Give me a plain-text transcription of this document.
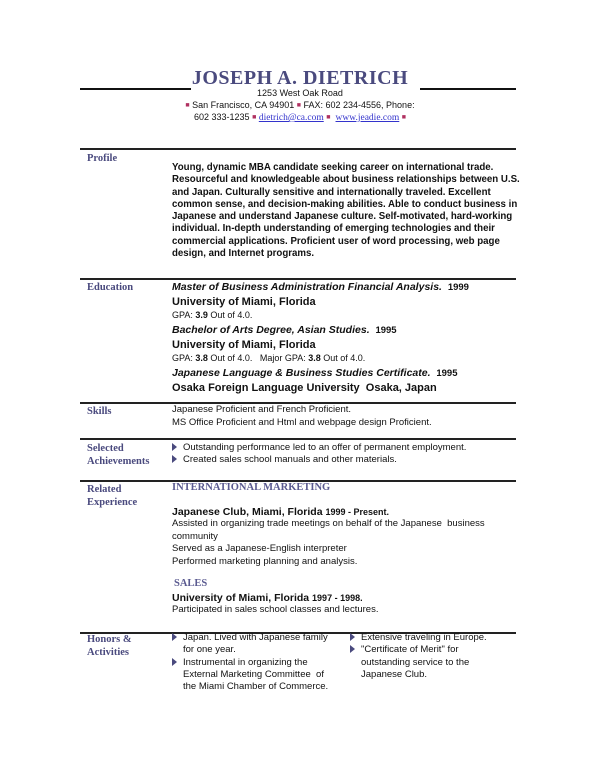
JOSEPH A. DIETRICH
1253 West Oak Road
■ San Francisco, CA 94901 ■ FAX: 602 234-4556, Phone:
602 333-1235 ■ dietrich@ca.com ■ www.jeadie.com ■
Profile
Young, dynamic MBA candidate seeking career on international trade.
Resourceful and knowledgeable about business relationships between U.S.
and Japan. Culturally sensitive and internationally traveled. Excellent
common sense, and decision-making abilities. Able to conduct business in
Japanese and understand Japanese culture. Self-motivated, hard-working
individual. In-depth understanding of emerging technologies and their
commercial applications. Proficient user of word processing, web page
design, and Internet programs.
Education	Master of Business Administration Financial Analysis. 1999
University of Miami, Florida
GPA: 3.9 Out of 4.0.
Bachelor of Arts Degree, Asian Studies. 1995
University of Miami, Florida
GPA: 3.8 Out of 4.0.   Major GPA: 3.8 Out of 4.0.
Japanese Language & Business Studies Certificate. 1995
Osaka Foreign Language University  Osaka, Japan
Skills	Japanese Proficient and French Proficient.
MS Office Proficient and Html and webpage design Proficient.
Selected
Achievements
Outstanding performance led to an offer of permanent employment.
Created sales school manuals and other materials.
Related
Experience
INTERNATIONAL MARKETING
Japanese Club, Miami, Florida 1999 - Present.
Assisted in organizing trade meetings on behalf of the Japanese  business
community
Served as a Japanese-English interpreter
Performed marketing planning and analysis.
SALES
University of Miami, Florida 1997 - 1998.
Participated in sales school classes and lectures.
Honors &
Activities
Japan. Lived with Japanese family
for one year.
Instrumental in organizing the
External Marketing Committee  of
the Miami Chamber of Commerce.
Extensive traveling in Europe.
"Certificate of Merit" for
outstanding service to the
Japanese Club.
